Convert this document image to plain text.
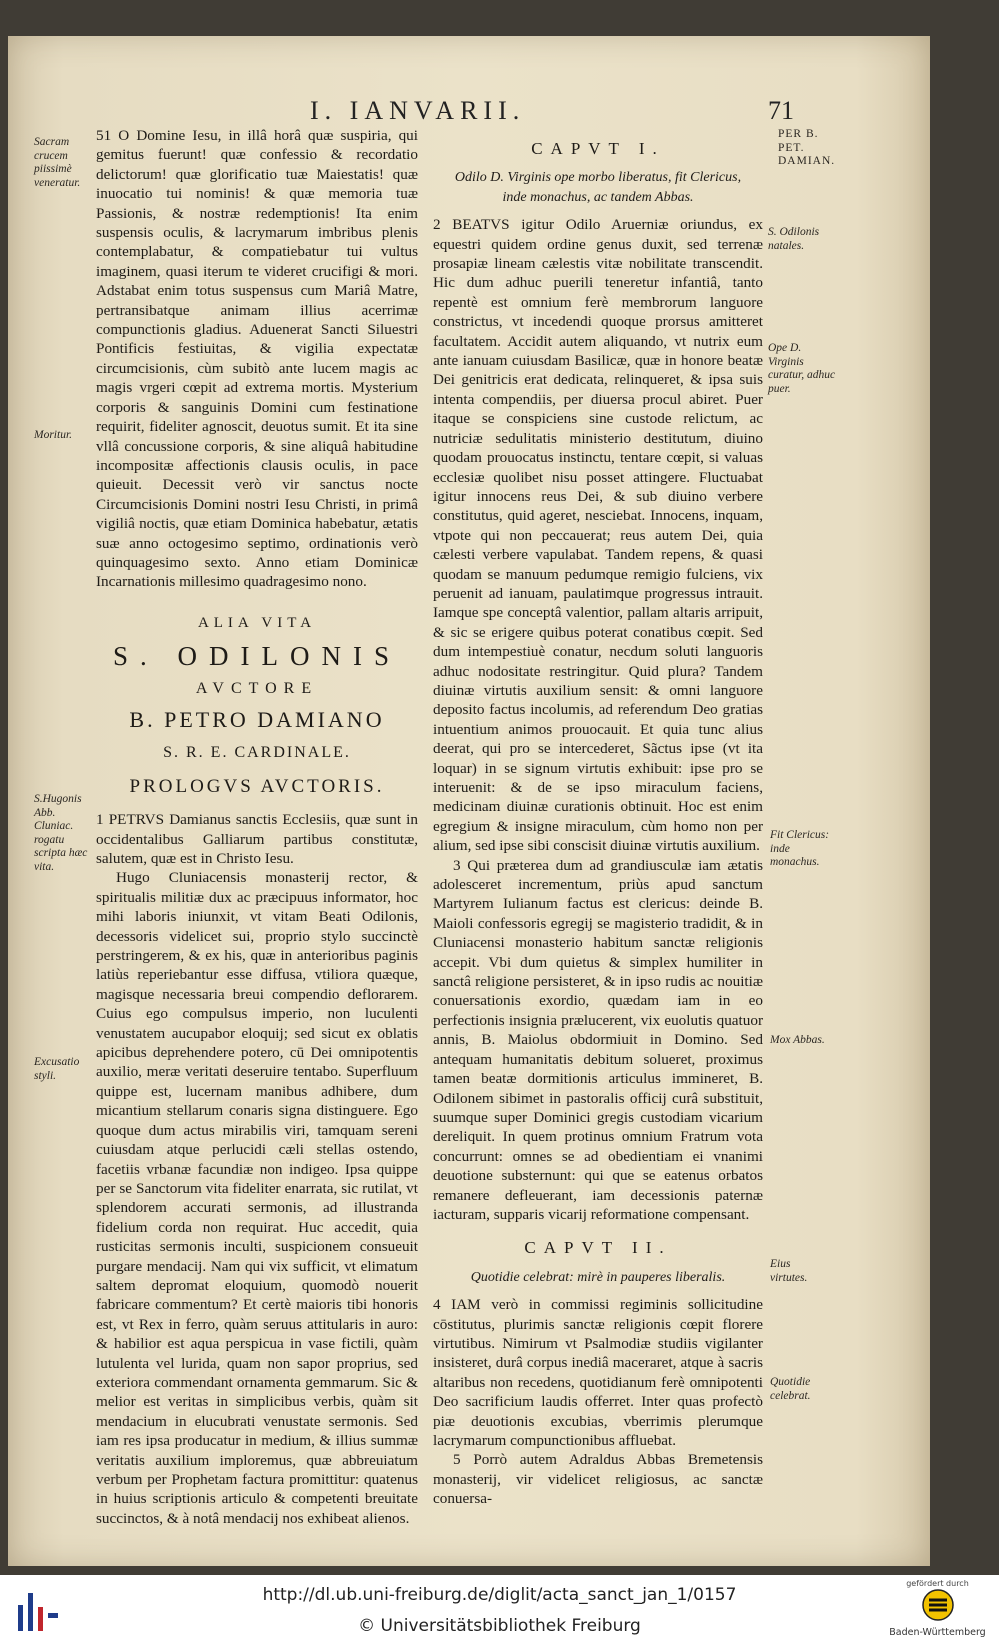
I. IANVARII.	71

51 O Domine Iesu, in illâ horâ quæ suspiria, qui gemitus fuerunt! quæ confessio & recordatio delictorum! quæ glorificatio tuæ Maiestatis! quæ inuocatio tui nominis! & quæ memoria tuæ Passionis, & nostræ redemptionis! Ita enim suspensis oculis, & lacrymarum imbribus plenis contemplabatur, & compatiebatur tui vultus imaginem, quasi iterum te videret crucifigi & mori. Adstabat enim totus suspensus cum Mariâ Matre, pertransibatque animam illius acerrimæ compunctionis gladius. Aduenerat Sancti Siluestri Pontificis festiuitas, & vigilia expectatæ circumcisionis, cùm subitò ante lucem magis ac magis vrgeri cœpit ad extrema mortis. Mysterium corporis & sanguinis Domini cum festinatione requirit, fideliter agnoscit, deuotus sumit. Et ita sine vllâ concussione corporis, & sine aliquâ habitudine incompositæ affectionis clausis oculis, in pace quieuit. Decessit verò vir sanctus nocte Circumcisionis Domini nostri Iesu Christi, in primâ vigiliâ noctis, quæ etiam Dominica habebatur, ætatis suæ anno octogesimo septimo, ordinationis verò quinquagesimo sexto. Anno etiam Dominicæ Incarnationis millesimo quadragesimo nono.

ALIA VITA
S. ODILONIS
AVCTORE
B. PETRO DAMIANO
S. R. E. CARDINALE.
PROLOGVS AVCTORIS.

1 PETRVS Damianus sanctis Ecclesiis, quæ sunt in occidentalibus Galliarum partibus constitutæ, salutem, quæ est in Christo Iesu.

Hugo Cluniacensis monasterij rector, & spiritualis militiæ dux ac præcipuus informator, hoc mihi laboris iniunxit, vt vitam Beati Odilonis, decessoris videlicet sui, proprio stylo succinctè perstringerem, & ex his, quæ in anterioribus paginis latiùs reperiebantur esse diffusa, vtiliora quæque, magisque necessaria breui compendio deflorarem. Cuius ego compulsus imperio, non luculenti venustatem aucupabor eloquij; sed sicut ex oblatis apicibus deprehendere potero, cū Dei omnipotentis auxilio, meræ veritati deseruire tentabo. Superfluum quippe est, lucernam manibus adhibere, dum micantium stellarum conaris signa distinguere. Ego quoque dum actus mirabilis viri, tamquam sereni cuiusdam atque perlucidi cæli stellas ostendo, facetiis vrbanæ facundiæ non indigeo. Ipsa quippe per se Sanctorum vita fideliter enarrata, sic rutilat, vt splendorem accurati sermonis, ad illustranda fidelium corda non requirat. Huc accedit, quia rusticitas sermonis inculti, suspicionem consueuit purgare mendacij. Nam qui vix sufficit, vt elimatum saltem depromat eloquium, quomodò nouerit fabricare commentum? Et certè maioris tibi honoris est, vt Rex in ferro, quàm seruus attitularis in auro: & habilior est aqua perspicua in vase fictili, quàm lutulenta vel lurida, quam non sapor proprius, sed exteriora commendant ornamenta gemmarum. Sic & melior est veritas in simplicibus verbis, quàm sit mendacium in elucubrati venustate sermonis. Sed iam res ipsa producatur in medium, & illius summæ veritatis auxilium imploremus, quæ abbreuiatum verbum per Prophetam factura promittitur: quatenus in huius scriptionis articulo & competenti breuitate succinctos, & à notâ mendacij nos exhibeat alienos.

Sacram crucem piissimè veneratur.
Moritur.
S.Hugonis Abb. Cluniac. rogatu scripta hæc vita.
Excusatio styli.
CAPVT I.
Odilo D. Virginis ope morbo liberatus, fit Clericus, inde monachus, ac tandem Abbas.

2 BEATVS igitur Odilo Aruerniæ oriundus, ex equestri quidem ordine genus duxit, sed terrenæ prosapiæ lineam cælestis vitæ nobilitate transcendit. Hic dum adhuc puerili teneretur infantiâ, tanto repentè est omnium ferè membrorum languore constrictus, vt incedendi quoque prorsus amitteret facultatem. Accidit autem aliquando, vt nutrix eum ante ianuam cuiusdam Basilicæ, quæ in honore beatæ Dei genitricis erat dedicata, relinqueret, & ipsa suis intenta compendiis, per diuersa procul abiret. Puer itaque se conspiciens sine custode relictum, ac nutriciæ sedulitatis ministerio destitutum, diuino quodam prouocatus instinctu, tentare cœpit, si valuas ecclesiæ quolibet nisu posset attingere. Fluctuabat igitur innocens reus Dei, & sub diuino verbere constitutus, quid ageret, nesciebat. Innocens, inquam, vtpote qui non peccauerat; reus autem Dei, quia cælesti verbere vapulabat. Tandem repens, & quasi quodam se manuum pedumque remigio fulciens, vix peruenit ad ianuam, paulatimque progressus intrauit. Iamque spe conceptâ valentior, pallam altaris arripuit, & sic se erigere quibus poterat conatibus cœpit. Sed dum intempestiuè conatur, necdum soluti languoris adhuc nodositate restringitur. Quid plura? Tandem diuinæ virtutis auxilium sensit: & omni languore deposito factus incolumis, ad referendum Deo gratias intuentium animos prouocauit. Et quia tunc alius deerat, qui pro se intercederet, Sãctus ipse (vt ita loquar) in se signum virtutis exhibuit: ipse pro se interuenit: & de se ipso miraculum faciens, medicinam diuinæ curationis obtinuit. Hoc est enim egregium & insigne miraculum, cùm homo non per alium, sed ipse sibi conscisit diuinæ virtutis auxilium.

3 Qui præterea dum ad grandiusculæ iam ætatis adolesceret incrementum, priùs apud sanctum Martyrem Iulianum factus est clericus: deinde B. Maioli confessoris egregij se magisterio tradidit, & in Cluniacensi monasterio habitum sanctæ religionis accepit. Vbi dum quietus & simplex humiliter in sanctâ religione persisteret, & in ipso rudis ac nouitiæ conuersationis exordio, quædam iam in eo perfectionis insignia prælucerent, vix euolutis quatuor annis, B. Maiolus obdormiuit in Domino. Sed antequam humanitatis debitum solueret, proximus tamen beatæ dormitionis articulus immineret, B. Odilonem sibimet in pastoralis officij curâ substituit, suumque super Dominici gregis custodiam vicarium dereliquit. In quem protinus omnium Fratrum vota concurrunt: omnes se ad obedientiam ei vnanimi deuotione substernunt: qui que se eatenus orbatos remanere defleuerant, iam decessionis paternæ iacturam, supparis vicarij reformatione compensant.

CAPVT II.
Quotidie celebrat: mirè in pauperes liberalis.

4 IAM verò in commissi regiminis sollicitudine cōstitutus, plurimis sanctæ religionis cœpit florere virtutibus. Nimirum vt Psalmodiæ studiis vigilanter insisteret, durâ corpus inediâ maceraret, atque à sacris altaribus non recedens, quotidianum ferè omnipotenti Deo sacrificium laudis offerret. Inter quas profectò piæ deuotionis excubias, vberrimis plerumque lacrymarum compunctionibus affluebat.

5 Porrò autem Adraldus Abbas Bremetensis monasterij, vir videlicet religiosus, ac sanctæ conuersa-

PER B. PET. DAMIAN.
S. Odilonis natales.
Ope D. Virginis curatur, adhuc puer.
Fit Clericus: inde monachus.
Mox Abbas.
Eius virtutes.
Quotidie celebrat.
http://dl.ub.uni-freiburg.de/diglit/acta_sanct_jan_1/0157
© Universitätsbibliothek Freiburg
gefördert durch
Baden-Württemberg
